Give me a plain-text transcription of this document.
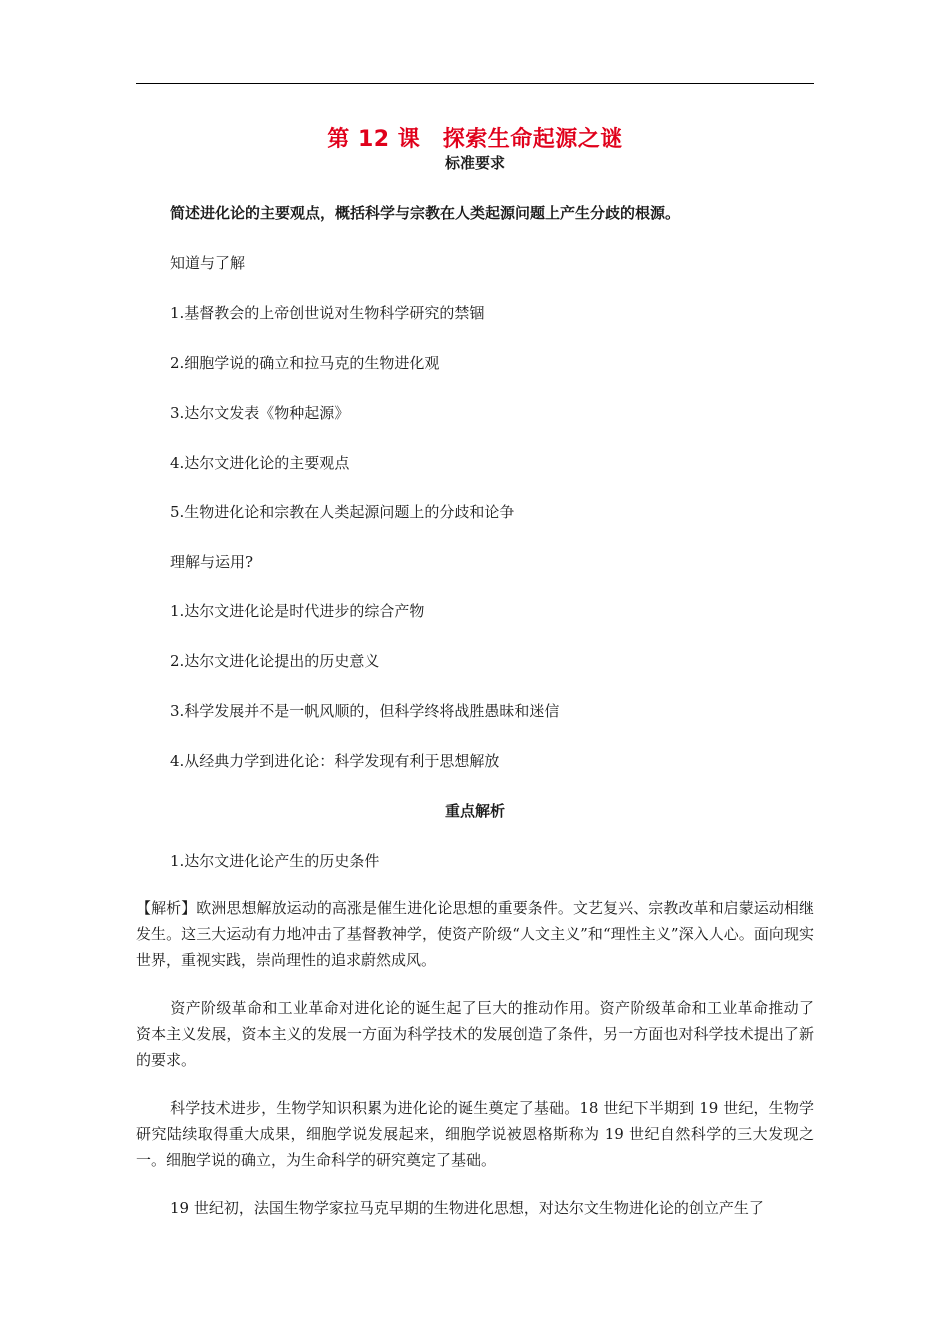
第 12 课　探索生命起源之谜
标准要求
简述进化论的主要观点，概括科学与宗教在人类起源问题上产生分歧的根源。
知道与了解
1.基督教会的上帝创世说对生物科学研究的禁锢
2.细胞学说的确立和拉马克的生物进化观
3.达尔文发表《物种起源》
4.达尔文进化论的主要观点
5.生物进化论和宗教在人类起源问题上的分歧和论争
理解与运用?
1.达尔文进化论是时代进步的综合产物
2.达尔文进化论提出的历史意义
3.科学发展并不是一帆风顺的，但科学终将战胜愚昧和迷信
4.从经典力学到进化论：科学发现有利于思想解放
重点解析
1.达尔文进化论产生的历史条件
【解析】欧洲思想解放运动的高涨是催生进化论思想的重要条件。文艺复兴、宗教改革和启蒙运动相继发生。这三大运动有力地冲击了基督教神学，使资产阶级“人文主义”和“理性主义”深入人心。面向现实世界，重视实践，崇尚理性的追求蔚然成风。
资产阶级革命和工业革命对进化论的诞生起了巨大的推动作用。资产阶级革命和工业革命推动了资本主义发展，资本主义的发展一方面为科学技术的发展创造了条件，另一方面也对科学技术提出了新的要求。
科学技术进步，生物学知识积累为进化论的诞生奠定了基础。18 世纪下半期到 19 世纪，生物学研究陆续取得重大成果，细胞学说发展起来，细胞学说被恩格斯称为 19 世纪自然科学的三大发现之一。细胞学说的确立，为生命科学的研究奠定了基础。
19 世纪初，法国生物学家拉马克早期的生物进化思想，对达尔文生物进化论的创立产生了
